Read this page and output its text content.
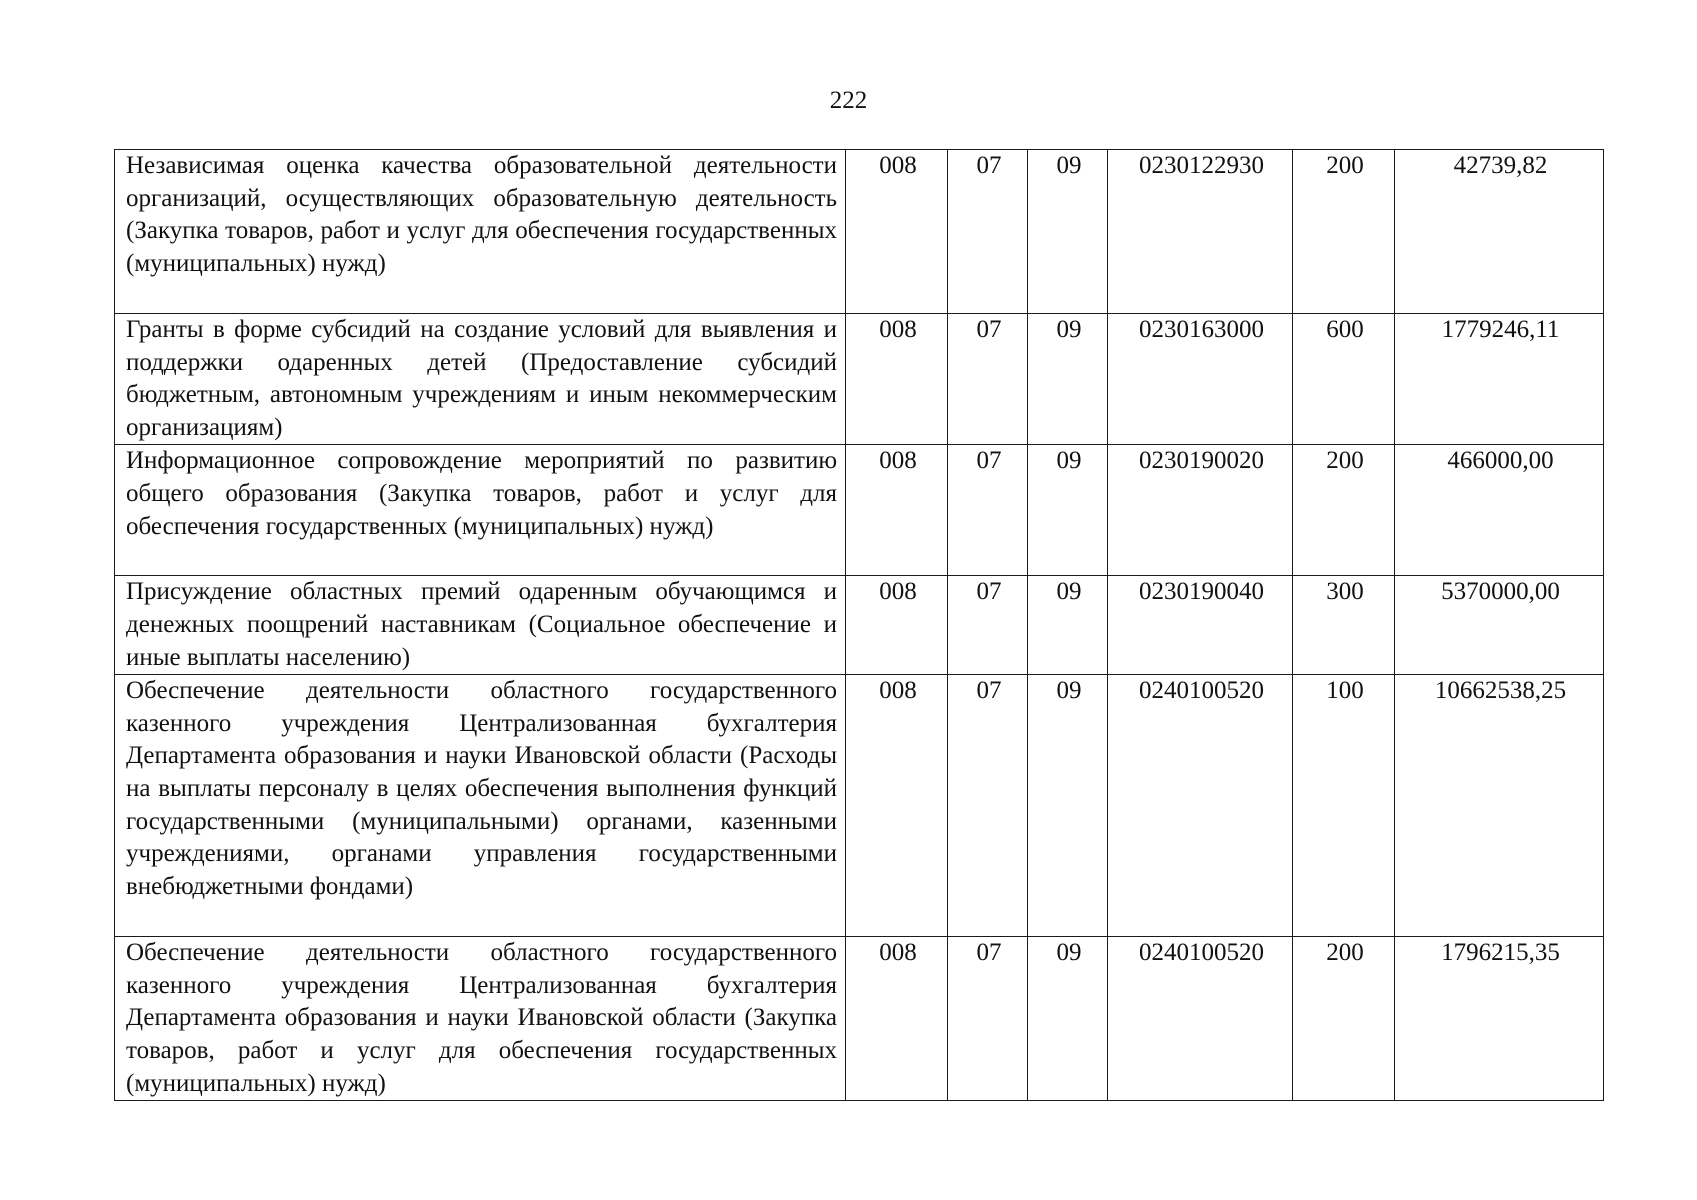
222
Независимая оценка качества образовательной деятельности организаций, осуществляющих образовательную деятельность (Закупка товаров, работ и услуг для обеспечения государственных (муниципальных) нужд)	008	07	09	0230122930	200	42739,82
Гранты в форме субсидий на создание условий для выявления и поддержки одаренных детей (Предоставление субсидий бюджетным, автономным учреждениям и иным некоммерческим организациям)	008	07	09	0230163000	600	1779246,11
Информационное сопровождение мероприятий по развитию общего образования (Закупка товаров, работ и услуг для обеспечения государственных (муниципальных) нужд)	008	07	09	0230190020	200	466000,00
Присуждение областных премий одаренным обучающимся и денежных поощрений наставникам (Социальное обеспечение и иные выплаты населению)	008	07	09	0230190040	300	5370000,00
Обеспечение деятельности областного государственного казенного учреждения Централизованная бухгалтерия Департамента образования и науки Ивановской области (Расходы на выплаты персоналу в целях обеспечения выполнения функций государственными (муниципальными) органами, казенными учреждениями, органами управления государственными внебюджетными фондами)	008	07	09	0240100520	100	10662538,25
Обеспечение деятельности областного государственного казенного учреждения Централизованная бухгалтерия Департамента образования и науки Ивановской области (Закупка товаров, работ и услуг для обеспечения государственных (муниципальных) нужд)	008	07	09	0240100520	200	1796215,35
